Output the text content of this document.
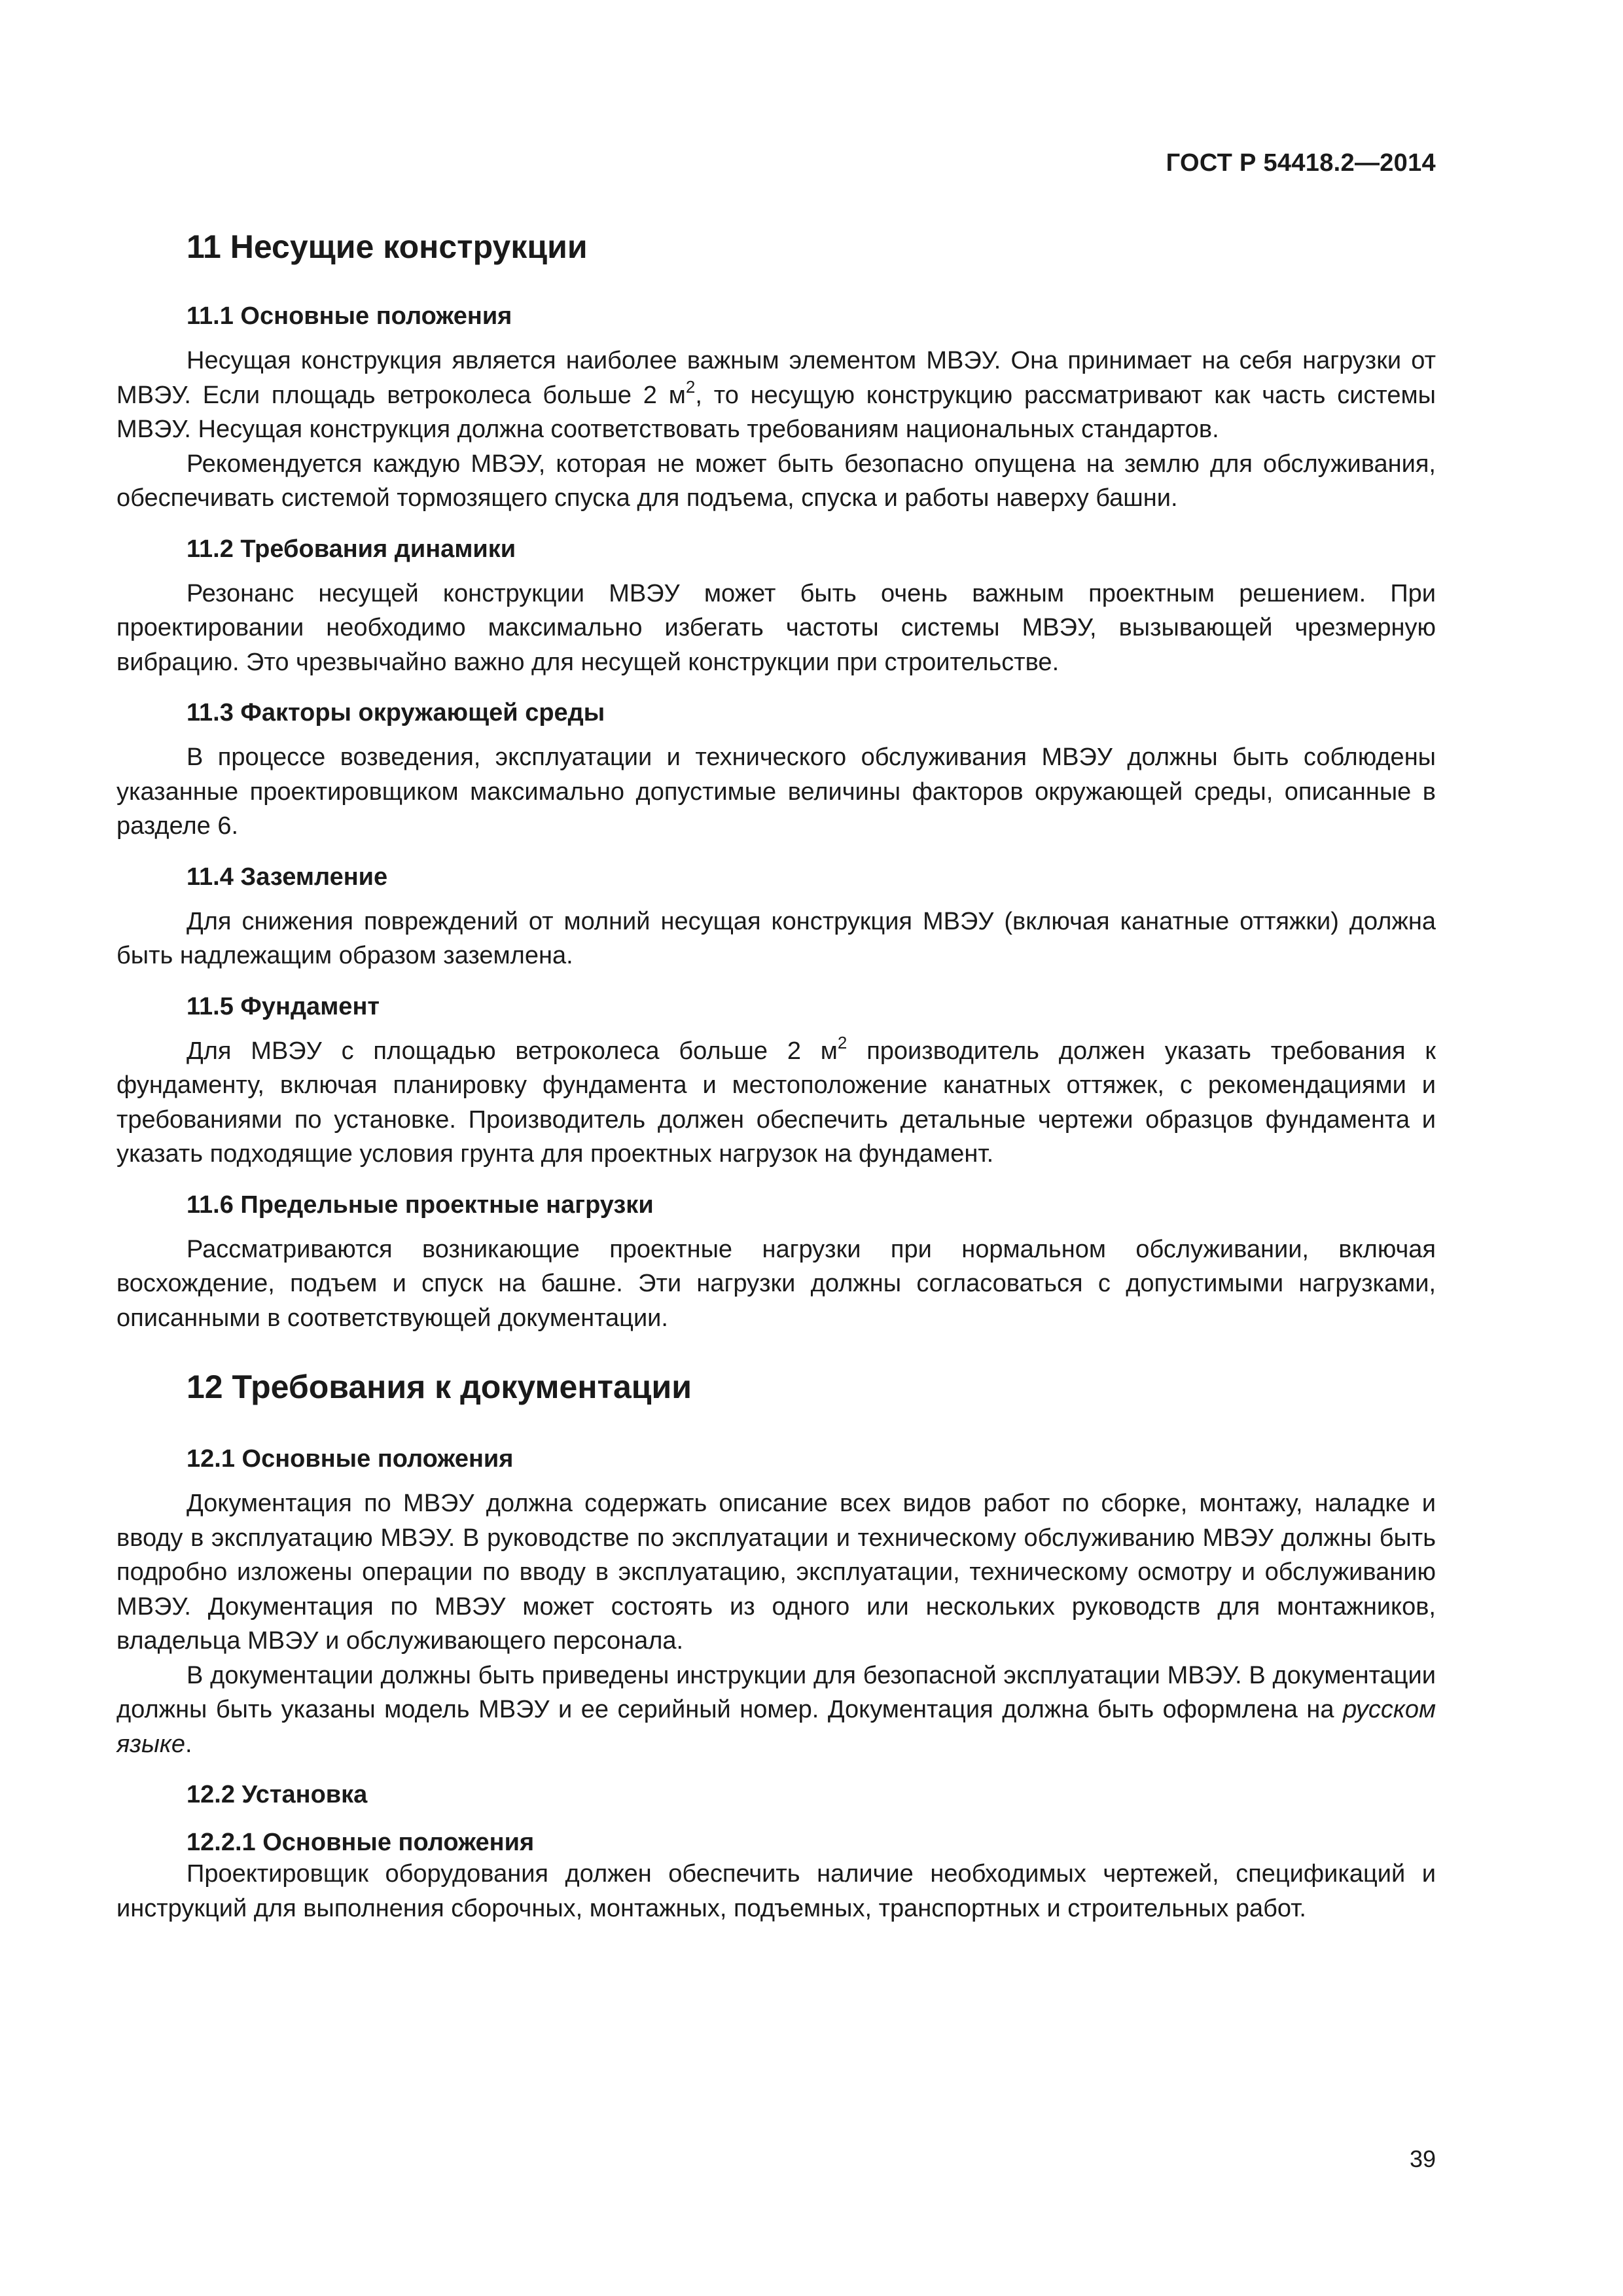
ГОСТ Р 54418.2—2014
11 Несущие конструкции
11.1 Основные положения

Несущая конструкция является наиболее важным элементом МВЭУ. Она принимает на себя нагрузки от МВЭУ. Если площадь ветроколеса больше 2 $м^2$, то несущую конструкцию рассматривают как часть системы МВЭУ. Несущая конструкция должна соответствовать требованиям национальных стандартов.

Рекомендуется каждую МВЭУ, которая не может быть безопасно опущена на землю для обслуживания, обеспечивать системой тормозящего спуска для подъема, спуска и работы наверху башни.

11.2 Требования динамики

Резонанс несущей конструкции МВЭУ может быть очень важным проектным решением. При проектировании необходимо максимально избегать частоты системы МВЭУ, вызывающей чрезмерную вибрацию. Это чрезвычайно важно для несущей конструкции при строительстве.

11.3 Факторы окружающей среды

В процессе возведения, эксплуатации и технического обслуживания МВЭУ должны быть соблюдены указанные проектировщиком максимально допустимые величины факторов окружающей среды, описанные в разделе 6.

11.4 Заземление

Для снижения повреждений от молний несущая конструкция МВЭУ (включая канатные оттяжки) должна быть надлежащим образом заземлена.

11.5 Фундамент

Для МВЭУ с площадью ветроколеса больше 2 $м^2$ производитель должен указать требования к фундаменту, включая планировку фундамента и местоположение канатных оттяжек, с рекомендациями и требованиями по установке. Производитель должен обеспечить детальные чертежи образцов фундамента и указать подходящие условия грунта для проектных нагрузок на фундамент.

11.6 Предельные проектные нагрузки

Рассматриваются возникающие проектные нагрузки при нормальном обслуживании, включая восхождение, подъем и спуск на башне. Эти нагрузки должны согласоваться с допустимыми нагрузками, описанными в соответствующей документации.

12 Требования к документации
12.1 Основные положения

Документация по МВЭУ должна содержать описание всех видов работ по сборке, монтажу, наладке и вводу в эксплуатацию МВЭУ. В руководстве по эксплуатации и техническому обслуживанию МВЭУ должны быть подробно изложены операции по вводу в эксплуатацию, эксплуатации, техническому осмотру и обслуживанию МВЭУ. Документация по МВЭУ может состоять из одного или нескольких руководств для монтажников, владельца МВЭУ и обслуживающего персонала.

В документации должны быть приведены инструкции для безопасной эксплуатации МВЭУ. В документации должны быть указаны модель МВЭУ и ее серийный номер. Документация должна быть оформлена на русском языке.

12.2 Установка
12.2.1 Основные положения

Проектировщик оборудования должен обеспечить наличие необходимых чертежей, спецификаций и инструкций для выполнения сборочных, монтажных, подъемных, транспортных и строительных работ.

39
